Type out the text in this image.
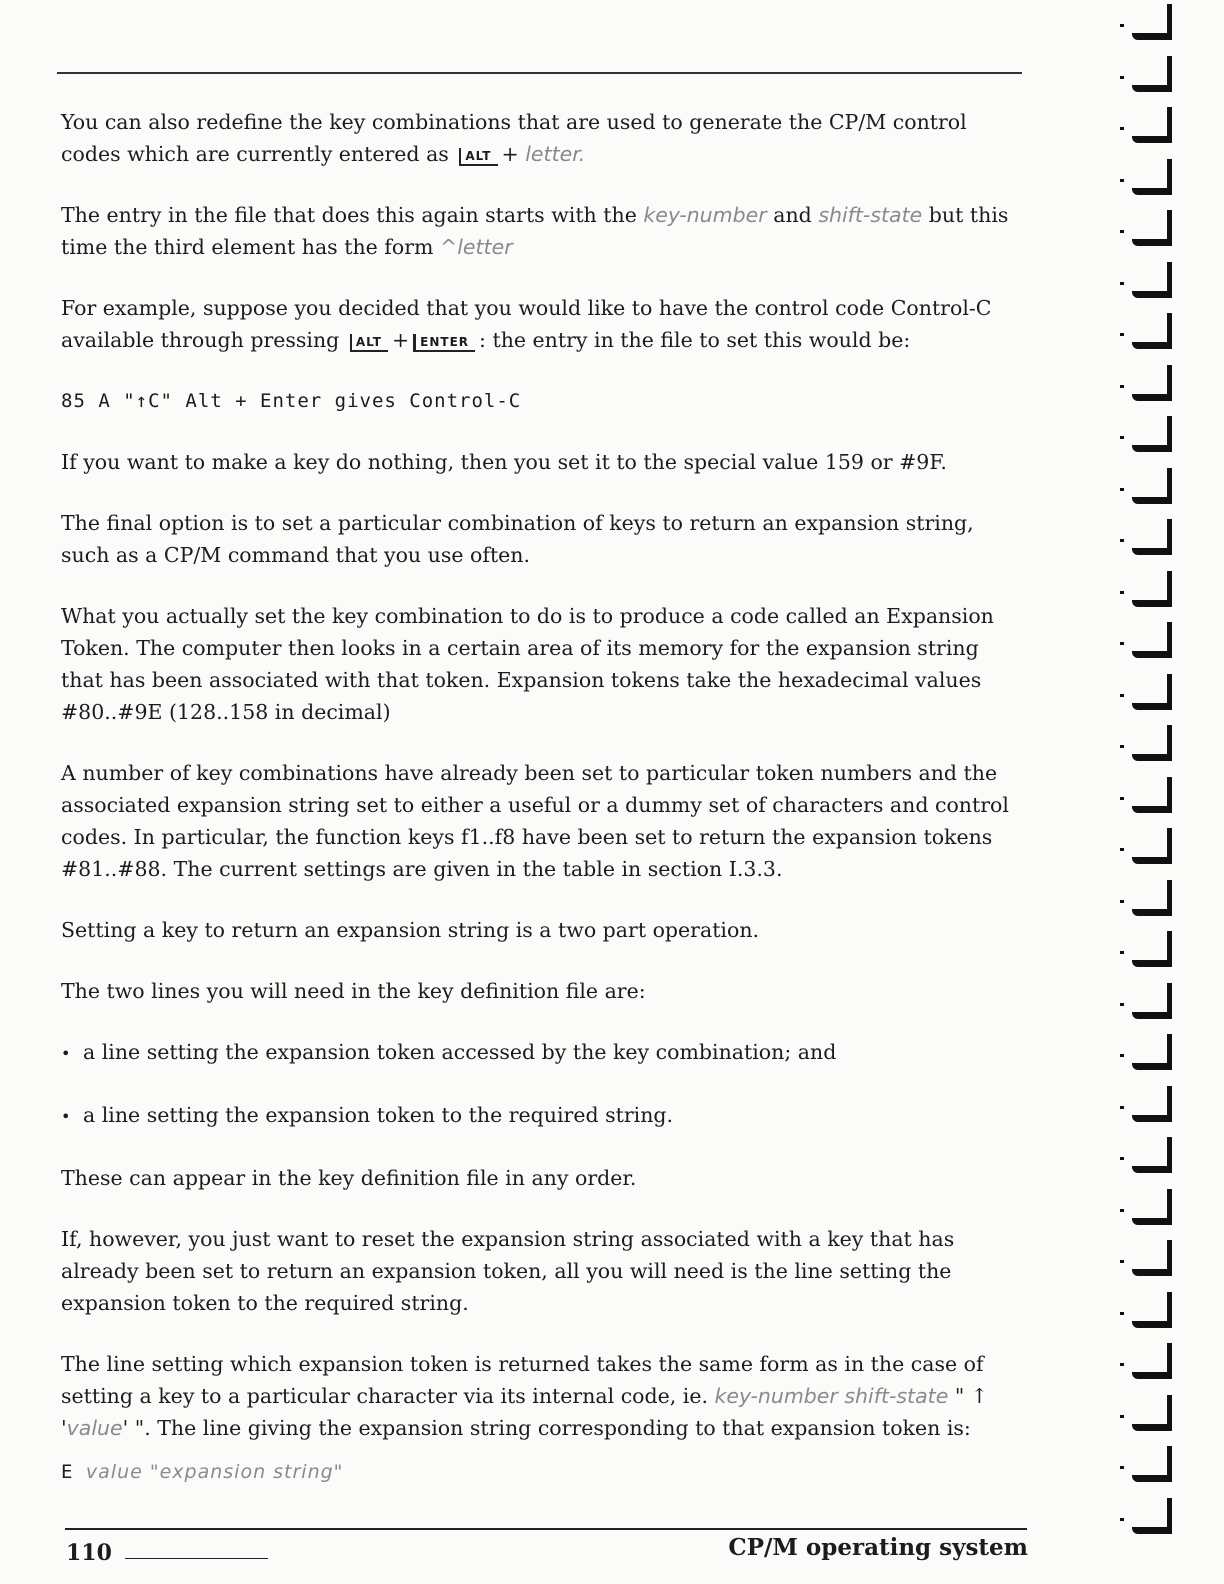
You can also redefine the key combinations that are used to generate the CP/M control codes which are currently entered as ALT + letter.

The entry in the file that does this again starts with the key-number and shift-state but this time the third element has the form ^letter

For example, suppose you decided that you would like to have the control code Control-C available through pressing ALT + ENTER : the entry in the file to set this would be:

85 A "↑C" Alt + Enter gives Control-C

If you want to make a key do nothing, then you set it to the special value 159 or #9F.

The final option is to set a particular combination of keys to return an expansion string, such as a CP/M command that you use often.

What you actually set the key combination to do is to produce a code called an Expansion Token. The computer then looks in a certain area of its memory for the expansion string that has been associated with that token. Expansion tokens take the hexadecimal values #80..#9E (128..158 in decimal)

A number of key combinations have already been set to particular token numbers and the associated expansion string set to either a useful or a dummy set of characters and control codes. In particular, the function keys f1..f8 have been set to return the expansion tokens #81..#88. The current settings are given in the table in section I.3.3.

Setting a key to return an expansion string is a two part operation.

The two lines you will need in the key definition file are:

• a line setting the expansion token accessed by the key combination; and
• a line setting the expansion token to the required string.

These can appear in the key definition file in any order.

If, however, you just want to reset the expansion string associated with a key that has already been set to return an expansion token, all you will need is the line setting the expansion token to the required string.

The line setting which expansion token is returned takes the same form as in the case of setting a key to a particular character via its internal code, ie. key-number shift-state " ↑ 'value' ". The line giving the expansion string corresponding to that expansion token is:

E value "expansion string"
110	CP/M operating system
